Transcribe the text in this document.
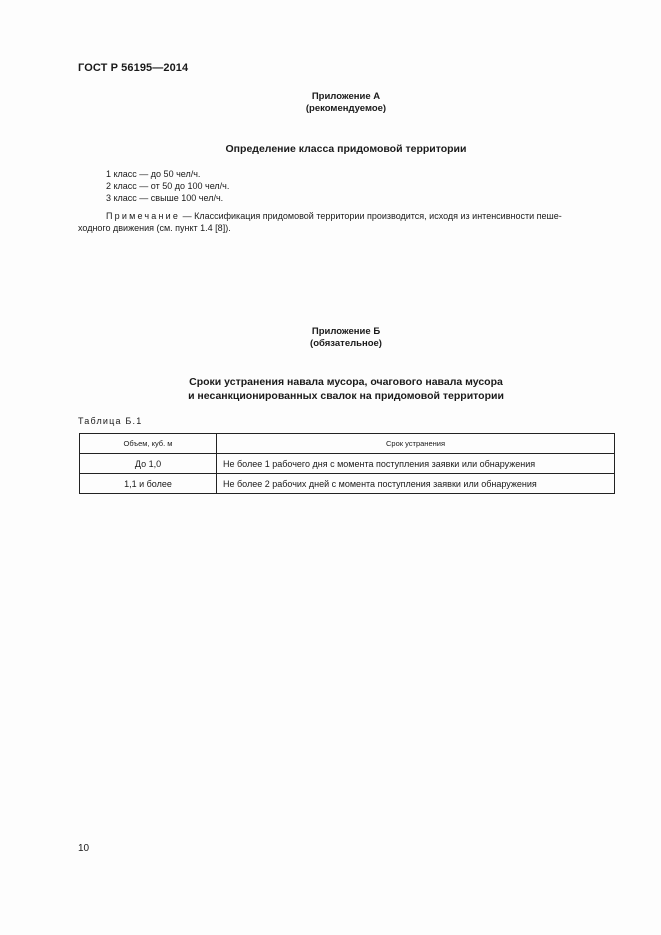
ГОСТ Р 56195—2014
Приложение А
(рекомендуемое)
Определение класса придомовой территории
1 класс — до 50 чел/ч.
2 класс — от 50 до 100 чел/ч.
3 класс — свыше 100 чел/ч.
Примечание — Классификация придомовой территории производится, исходя из интенсивности пеше-
ходного движения (см. пункт 1.4 [8]).
Приложение Б
(обязательное)
Сроки устранения навала мусора, очагового навала мусора
и несанкционированных свалок на придомовой территории
Таблица Б.1
Объем, куб. м	Срок устранения
До 1,0	Не более 1 рабочего дня с момента поступления заявки или обнаружения
1,1 и более	Не более 2 рабочих дней с момента поступления заявки или обнаружения
10
